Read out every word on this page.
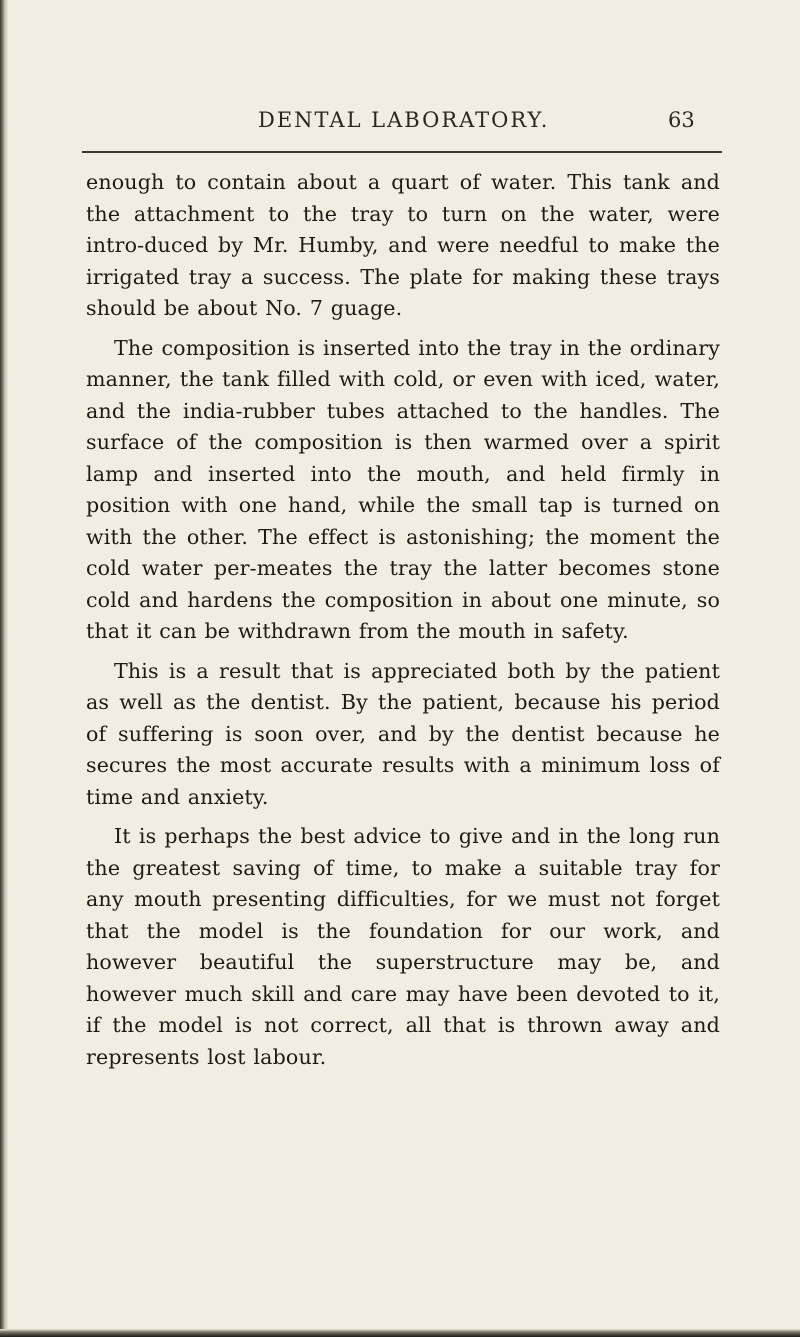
DENTAL LABORATORY.	63

enough to contain about a quart of water. This tank and the attachment to the tray to turn on the water, were intro-duced by Mr. Humby, and were needful to make the irrigated tray a success. The plate for making these trays should be about No. 7 guage.

The composition is inserted into the tray in the ordinary manner, the tank filled with cold, or even with iced, water, and the india-rubber tubes attached to the handles. The surface of the composition is then warmed over a spirit lamp and inserted into the mouth, and held firmly in position with one hand, while the small tap is turned on with the other. The effect is astonishing; the moment the cold water per-meates the tray the latter becomes stone cold and hardens the composition in about one minute, so that it can be withdrawn from the mouth in safety.

This is a result that is appreciated both by the patient as well as the dentist. By the patient, because his period of suffering is soon over, and by the dentist because he secures the most accurate results with a minimum loss of time and anxiety.

It is perhaps the best advice to give and in the long run the greatest saving of time, to make a suitable tray for any mouth presenting difficulties, for we must not forget that the model is the foundation for our work, and however beautiful the superstructure may be, and however much skill and care may have been devoted to it, if the model is not correct, all that is thrown away and represents lost labour.
